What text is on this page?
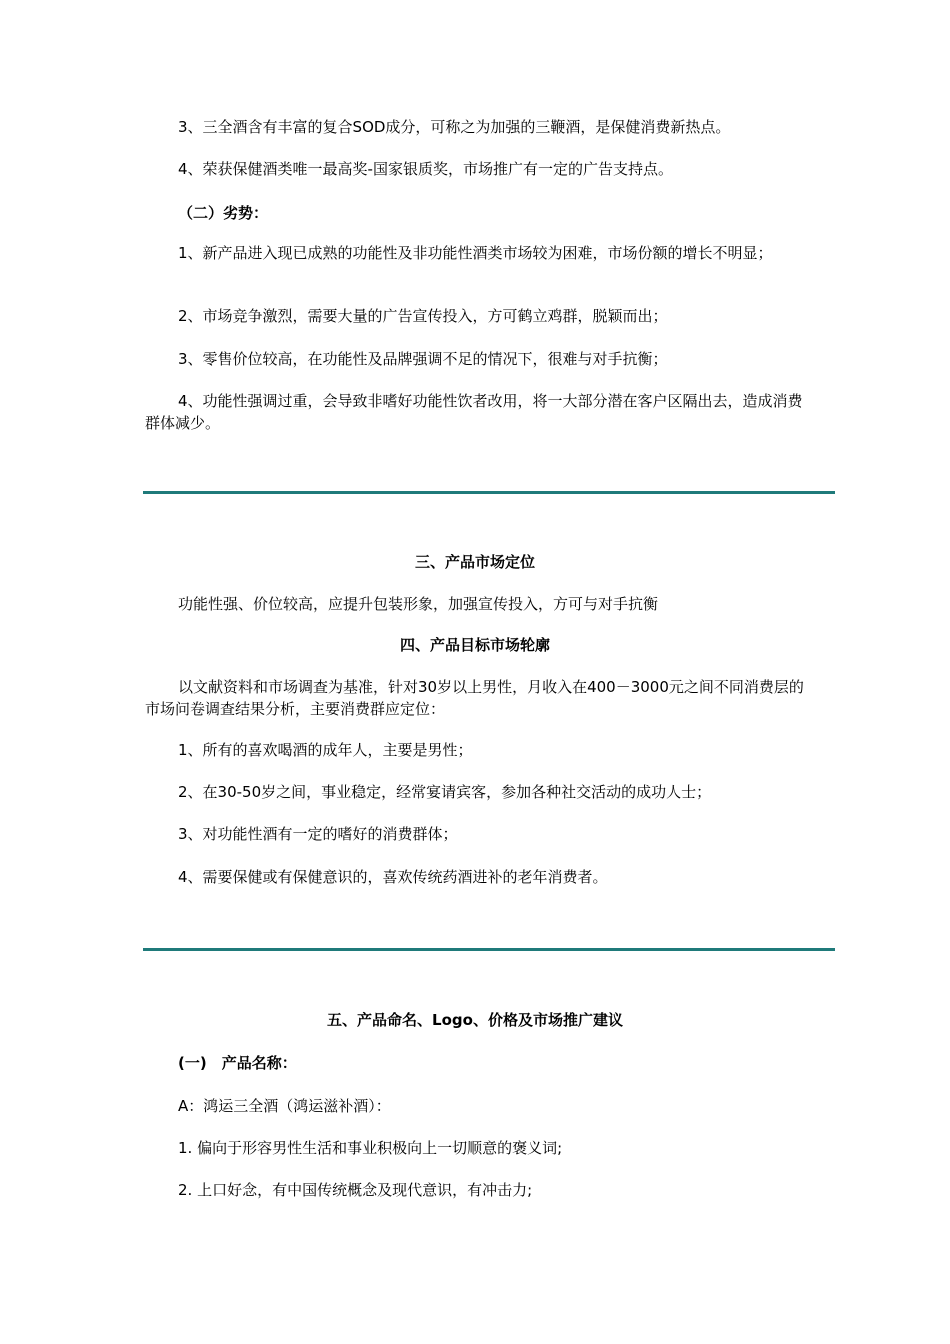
3、三全酒含有丰富的复合SOD成分，可称之为加强的三鞭酒，是保健消费新热点。
4、荣获保健酒类唯一最高奖-国家银质奖，市场推广有一定的广告支持点。
（二）劣势：
1、新产品进入现已成熟的功能性及非功能性酒类市场较为困难，市场份额的增长不明显；
2、市场竞争激烈，需要大量的广告宣传投入，方可鹤立鸡群，脱颖而出；
3、零售价位较高，在功能性及品牌强调不足的情况下，很难与对手抗衡；
4、功能性强调过重，会导致非嗜好功能性饮者改用，将一大部分潜在客户区隔出去，造成消费群体减少。
三、产品市场定位
功能性强、价位较高，应提升包装形象，加强宣传投入，方可与对手抗衡
四、产品目标市场轮廓
以文献资料和市场调查为基准，针对30岁以上男性，月收入在400－3000元之间不同消费层的市场问卷调查结果分析，主要消费群应定位：
1、所有的喜欢喝酒的成年人，主要是男性；
2、在30-50岁之间，事业稳定，经常宴请宾客，参加各种社交活动的成功人士；
3、对功能性酒有一定的嗜好的消费群体；
4、需要保健或有保健意识的，喜欢传统药酒进补的老年消费者。
五、产品命名、Logo、价格及市场推广建议
(一)　产品名称：
A：鸿运三全酒（鸿运滋补酒）：
1. 偏向于形容男性生活和事业积极向上一切顺意的褒义词;
2. 上口好念，有中国传统概念及现代意识，有冲击力;
